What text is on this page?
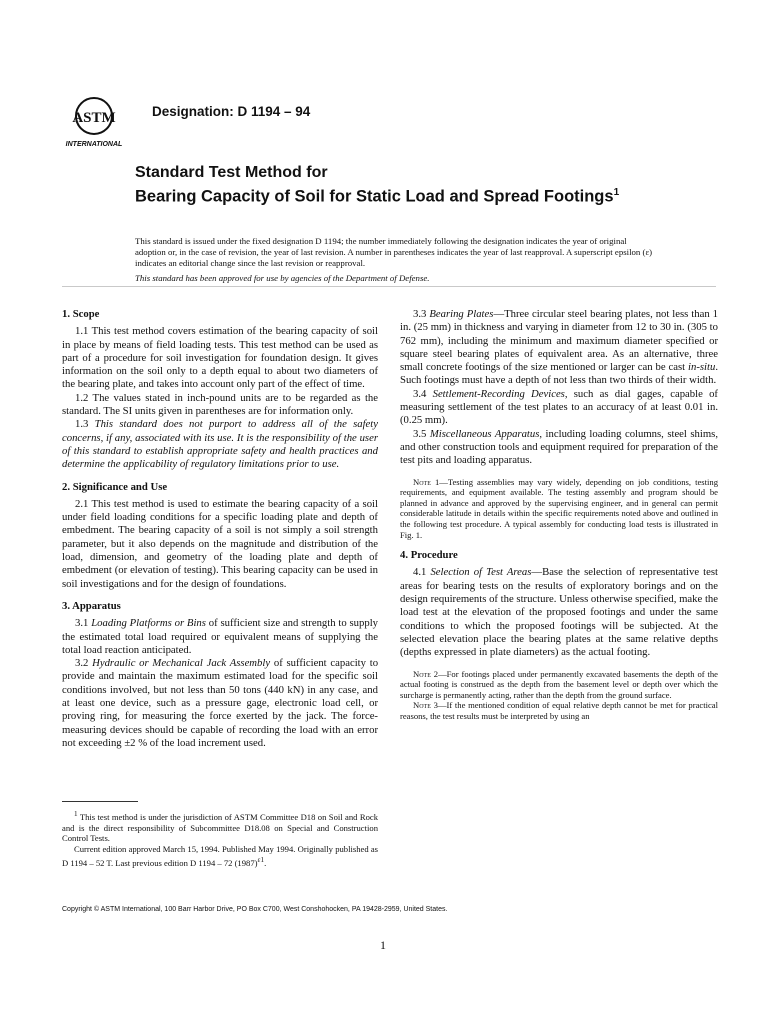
ASTM
INTERNATIONAL
Designation: D 1194 – 94
Standard Test Method for
Bearing Capacity of Soil for Static Load and Spread Footings$^1$

This standard is issued under the fixed designation D 1194; the number immediately following the designation indicates the year of original adoption or, in the case of revision, the year of last revision. A number in parentheses indicates the year of last reapproval. A superscript epsilon (ε) indicates an editorial change since the last revision or reapproval.

This standard has been approved for use by agencies of the Department of Defense.

1. Scope

1.1 This test method covers estimation of the bearing capacity of soil in place by means of field loading tests. This test method can be used as part of a procedure for soil investigation for foundation design. It gives information on the soil only to a depth equal to about two diameters of the bearing plate, and takes into account only part of the effect of time.

1.2 The values stated in inch-pound units are to be regarded as the standard. The SI units given in parentheses are for information only.

1.3 This standard does not purport to address all of the safety concerns, if any, associated with its use. It is the responsibility of the user of this standard to establish appropriate safety and health practices and determine the applicability of regulatory limitations prior to use.

2. Significance and Use

2.1 This test method is used to estimate the bearing capacity of a soil under field loading conditions for a specific loading plate and depth of embedment. The bearing capacity of a soil is not simply a soil strength parameter, but it also depends on the magnitude and distribution of the load, dimension, and geometry of the loading plate and depth of embedment (or elevation of testing). This bearing capacity can be used in soil investigations and for the design of foundations.

3. Apparatus

3.1 Loading Platforms or Bins of sufficient size and strength to supply the estimated total load required or equivalent means of supplying the total load reaction anticipated.

3.2 Hydraulic or Mechanical Jack Assembly of sufficient capacity to provide and maintain the maximum estimated load for the specific soil conditions involved, but not less than 50 tons (440 kN) in any case, and at least one device, such as a pressure gage, electronic load cell, or proving ring, for measuring the force exerted by the jack. The force-measuring devices should be capable of recording the load with an error not exceeding ±2 % of the load increment used.

$^1$ This test method is under the jurisdiction of ASTM Committee D18 on Soil and Rock and is the direct responsibility of Subcommittee D18.08 on Special and Construction Control Tests.

Current edition approved March 15, 1994. Published May 1994. Originally published as D 1194 – 52 T. Last previous edition D 1194 – 72 $(1987)^{\varepsilon 1}$.

3.3 Bearing Plates—Three circular steel bearing plates, not less than 1 in. (25 mm) in thickness and varying in diameter from 12 to 30 in. (305 to 762 mm), including the minimum and maximum diameter specified or square steel bearing plates of equivalent area. As an alternative, three small concrete footings of the size mentioned or larger can be cast in-situ. Such footings must have a depth of not less than two thirds of their width.

3.4 Settlement-Recording Devices, such as dial gages, capable of measuring settlement of the test plates to an accuracy of at least 0.01 in. (0.25 mm).

3.5 Miscellaneous Apparatus, including loading columns, steel shims, and other construction tools and equipment required for preparation of the test pits and loading apparatus.

Note 1—Testing assemblies may vary widely, depending on job conditions, testing requirements, and equipment available. The testing assembly and program should be planned in advance and approved by the supervising engineer, and in general can permit considerable latitude in details within the specific requirements noted above and outlined in the following test procedure. A typical assembly for conducting load tests is illustrated in Fig. 1.

4. Procedure

4.1 Selection of Test Areas—Base the selection of representative test areas for bearing tests on the results of exploratory borings and on the design requirements of the structure. Unless otherwise specified, make the load test at the elevation of the proposed footings and under the same conditions to which the proposed footings will be subjected. At the selected elevation place the bearing plates at the same relative depths (depths expressed in plate diameters) as the actual footing.

Note 2—For footings placed under permanently excavated basements the depth of the actual footing is construed as the depth from the basement level or depth over which the surcharge is permanently acting, rather than the depth from the ground surface.

Note 3—If the mentioned condition of equal relative depth cannot be met for practical reasons, the test results must be interpreted by using an

Copyright © ASTM International, 100 Barr Harbor Drive, PO Box C700, West Conshohocken, PA 19428-2959, United States.
1
